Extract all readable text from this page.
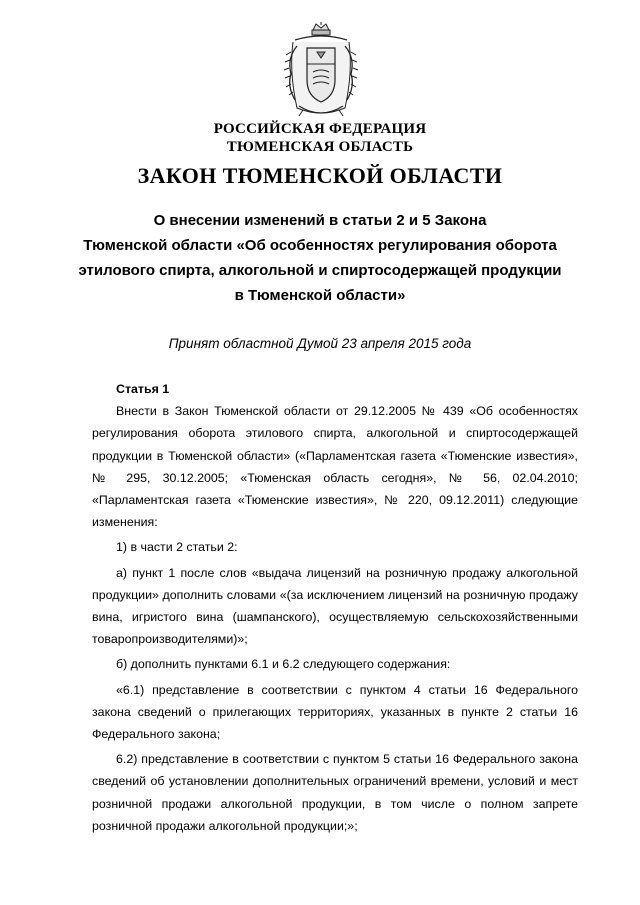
РОССИЙСКАЯ ФЕДЕРАЦИЯ
ТЮМЕНСКАЯ ОБЛАСТЬ
ЗАКОН ТЮМЕНСКОЙ ОБЛАСТИ
О внесении изменений в статьи 2 и 5 Закона
Тюменской области «Об особенностях регулирования оборота
этилового спирта, алкогольной и спиртосодержащей продукции
в Тюменской области»
Принят областной Думой 23 апреля 2015 года

Статья 1

Внести в Закон Тюменской области от 29.12.2005 № 439 «Об особенностях регулирования оборота этилового спирта, алкогольной и спиртосодержащей продукции в Тюменской области» («Парламентская газета «Тюменские известия», № 295, 30.12.2005; «Тюменская область сегодня», № 56, 02.04.2010; «Парламентская газета «Тюменские известия», № 220, 09.12.2011) следующие изменения:

1) в части 2 статьи 2:

а) пункт 1 после слов «выдача лицензий на розничную продажу алкогольной продукции» дополнить словами «(за исключением лицензий на розничную продажу вина, игристого вина (шампанского), осуществляемую сельскохозяйственными товаропроизводителями)»;

б) дополнить пунктами 6.1 и 6.2 следующего содержания:

«6.1) представление в соответствии с пунктом 4 статьи 16 Федерального закона сведений о прилегающих территориях, указанных в пункте 2 статьи 16 Федерального закона;

6.2) представление в соответствии с пунктом 5 статьи 16 Федерального закона сведений об установлении дополнительных ограничений времени, условий и мест розничной продажи алкогольной продукции, в том числе о полном запрете розничной продажи алкогольной продукции;»;
